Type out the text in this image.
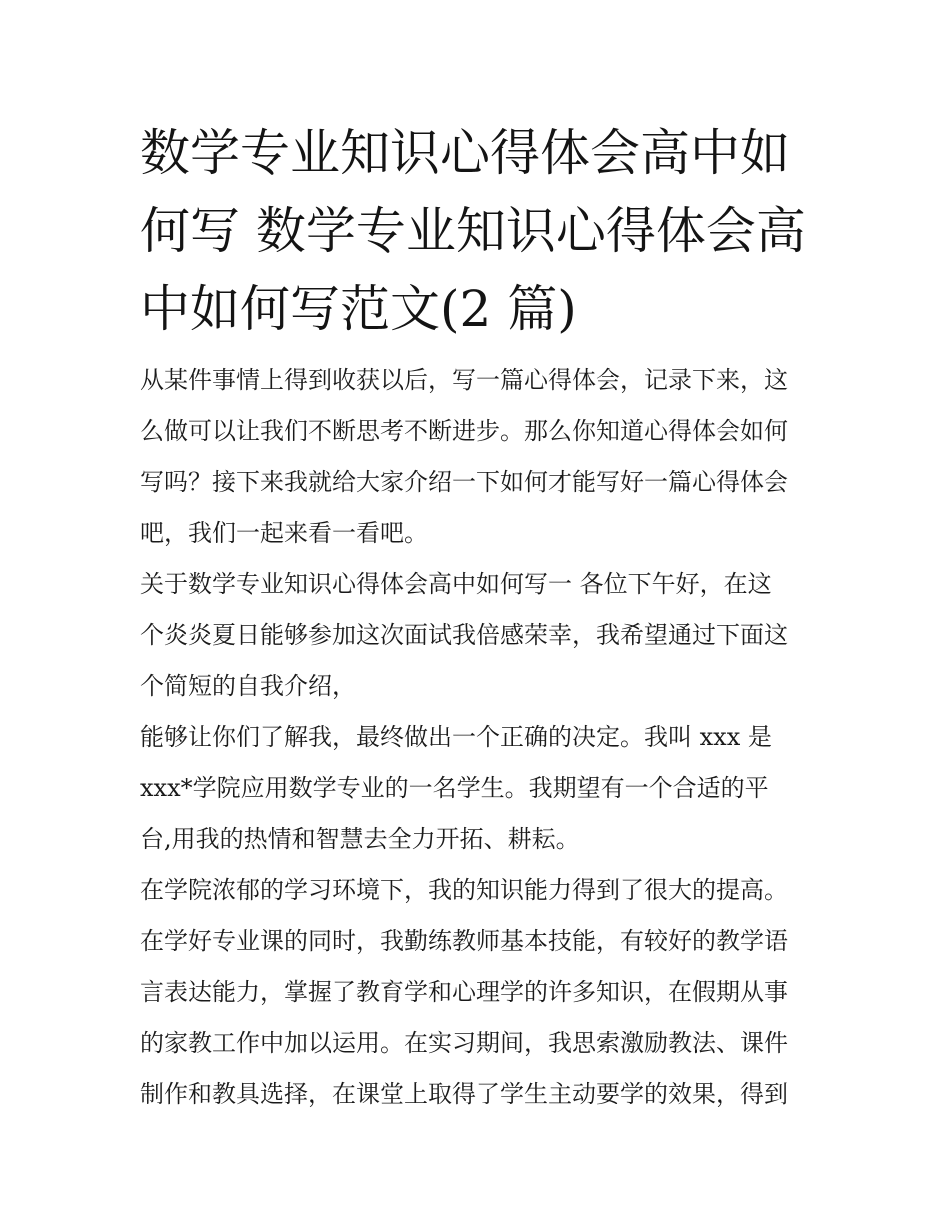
数学专业知识心得体会高中如
何写 数学专业知识心得体会高
中如何写范文(2 篇)
从某件事情上得到收获以后，写一篇心得体会，记录下来，这
么做可以让我们不断思考不断进步。那么你知道心得体会如何
写吗？接下来我就给大家介绍一下如何才能写好一篇心得体会
吧，我们一起来看一看吧。
关于数学专业知识心得体会高中如何写一 各位下午好，在这
个炎炎夏日能够参加这次面试我倍感荣幸，我希望通过下面这
个简短的自我介绍，
能够让你们了解我，最终做出一个正确的决定。我叫 xxx 是
xxx*学院应用数学专业的一名学生。我期望有一个合适的平
台,用我的热情和智慧去全力开拓、耕耘。
在学院浓郁的学习环境下，我的知识能力得到了很大的提高。
在学好专业课的同时，我勤练教师基本技能，有较好的教学语
言表达能力，掌握了教育学和心理学的许多知识，在假期从事
的家教工作中加以运用。在实习期间，我思索激励教法、课件
制作和教具选择，在课堂上取得了学生主动要学的效果，得到
